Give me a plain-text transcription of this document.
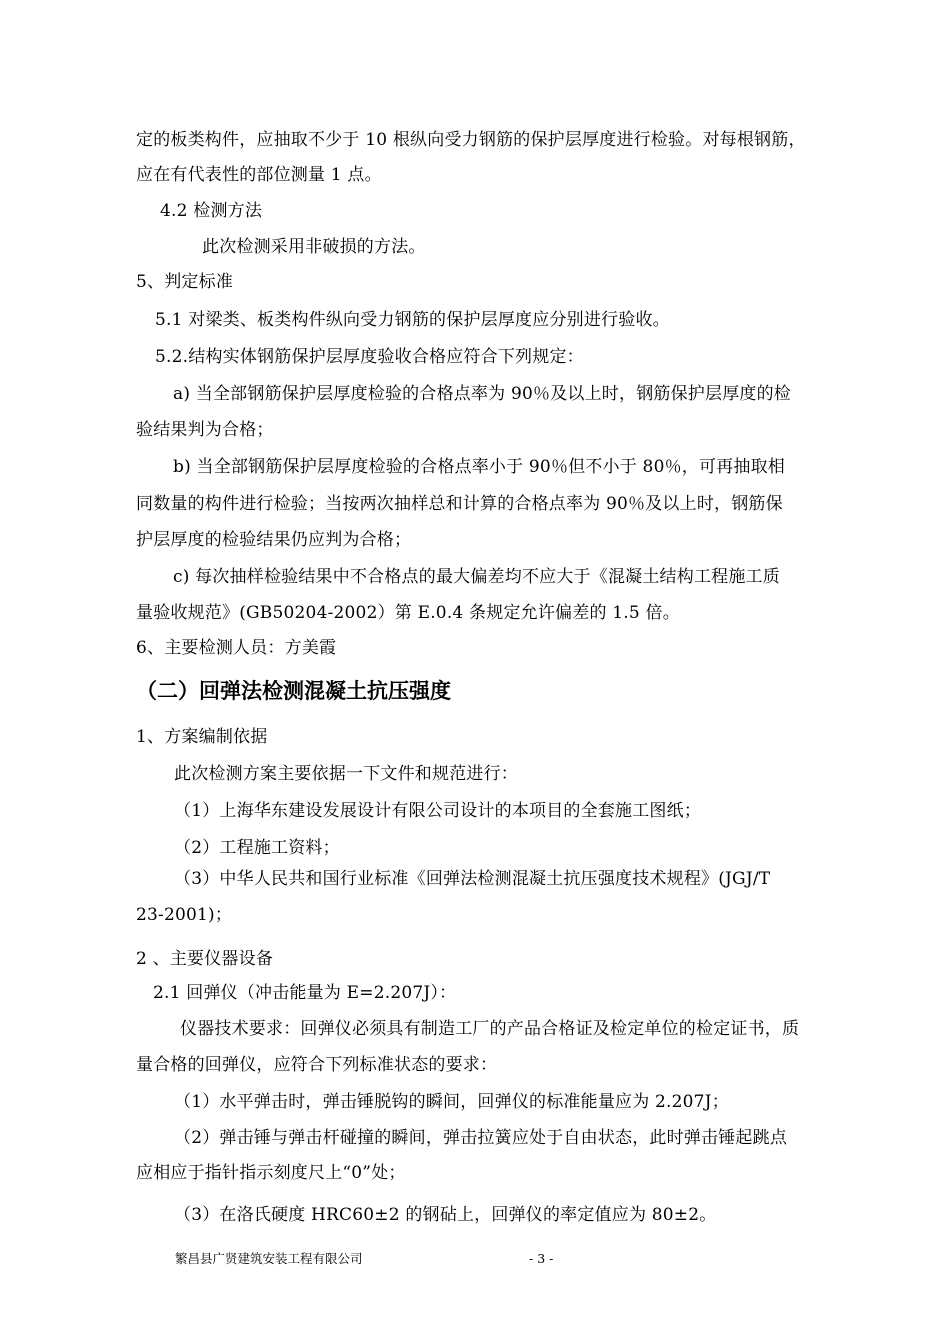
定的板类构件，应抽取不少于 10 根纵向受力钢筋的保护层厚度进行检验。对每根钢筋，
应在有代表性的部位测量 1 点。
4.2 检测方法
此次检测采用非破损的方法。
5、判定标准
5.1 对梁类、板类构件纵向受力钢筋的保护层厚度应分别进行验收。
5.2.结构实体钢筋保护层厚度验收合格应符合下列规定：
a) 当全部钢筋保护层厚度检验的合格点率为 90％及以上时，钢筋保护层厚度的检
验结果判为合格；
b) 当全部钢筋保护层厚度检验的合格点率小于 90％但不小于 80％，可再抽取相
同数量的构件进行检验；当按两次抽样总和计算的合格点率为 90％及以上时，钢筋保
护层厚度的检验结果仍应判为合格；
c) 每次抽样检验结果中不合格点的最大偏差均不应大于《混凝土结构工程施工质
量验收规范》(GB50204-2002）第 E.0.4 条规定允许偏差的 1.5 倍。
6、主要检测人员：方美霞
（二）回弹法检测混凝土抗压强度
1、方案编制依据
此次检测方案主要依据一下文件和规范进行：
（1）上海华东建设发展设计有限公司设计的本项目的全套施工图纸；
（2）工程施工资料；
（3）中华人民共和国行业标准《回弹法检测混凝土抗压强度技术规程》(JGJ/T
23-2001)；
2 、主要仪器设备
2.1 回弹仪（冲击能量为 E=2.207J）：
仪器技术要求：回弹仪必须具有制造工厂的产品合格证及检定单位的检定证书，质
量合格的回弹仪，应符合下列标准状态的要求：
（1）水平弹击时，弹击锤脱钩的瞬间，回弹仪的标准能量应为 2.207J；
（2）弹击锤与弹击杆碰撞的瞬间，弹击拉簧应处于自由状态，此时弹击锤起跳点
应相应于指针指示刻度尺上“0”处；
（3）在洛氏硬度 HRC60±2 的钢砧上，回弹仪的率定值应为 80±2。
繁昌县广贤建筑安装工程有限公司	- 3 -
